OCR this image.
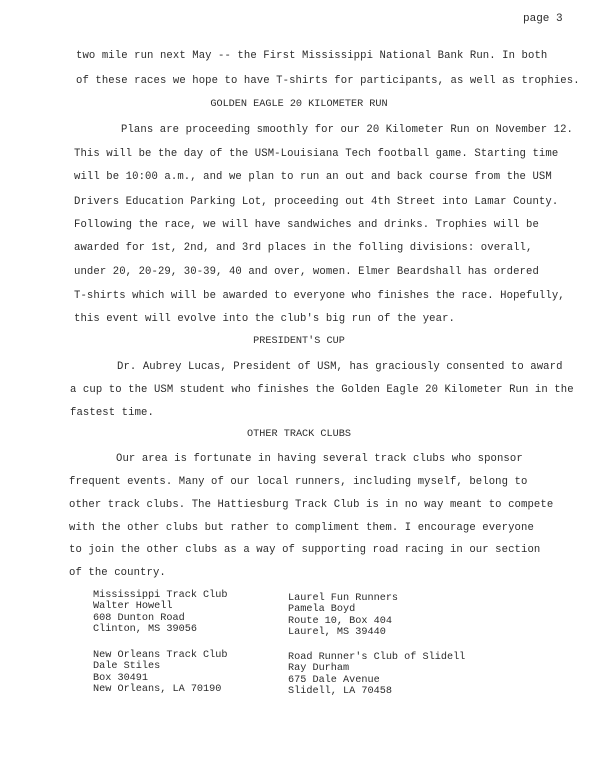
page 3
two mile run next May -- the First Mississippi National Bank Run. In both
of these races we hope to have T-shirts for participants, as well as trophies.
GOLDEN EAGLE 20 KILOMETER RUN
Plans are proceeding smoothly for our 20 Kilometer Run on November 12.
This will be the day of the USM-Louisiana Tech football game. Starting time
will be 10:00 a.m., and we plan to run an out and back course from the USM
Drivers Education Parking Lot, proceeding out 4th Street into Lamar County.
Following the race, we will have sandwiches and drinks. Trophies will be
awarded for 1st, 2nd, and 3rd places in the folling divisions: overall,
under 20, 20-29, 30-39, 40 and over, women. Elmer Beardshall has ordered
T-shirts which will be awarded to everyone who finishes the race. Hopefully,
this event will evolve into the club's big run of the year.
PRESIDENT'S CUP
Dr. Aubrey Lucas, President of USM, has graciously consented to award
a cup to the USM student who finishes the Golden Eagle 20 Kilometer Run in the
fastest time.
OTHER TRACK CLUBS
Our area is fortunate in having several track clubs who sponsor
frequent events. Many of our local runners, including myself, belong to
other track clubs. The Hattiesburg Track Club is in no way meant to compete
with the other clubs but rather to compliment them. I encourage everyone
to join the other clubs as a way of supporting road racing in our section
of the country.
Mississippi Track Club
Walter Howell
608 Dunton Road
Clinton, MS 39056
Laurel Fun Runners
Pamela Boyd
Route 10, Box 404
Laurel, MS 39440
New Orleans Track Club
Dale Stiles
Box 30491
New Orleans, LA 70190
Road Runner's Club of Slidell
Ray Durham
675 Dale Avenue
Slidell, LA 70458
